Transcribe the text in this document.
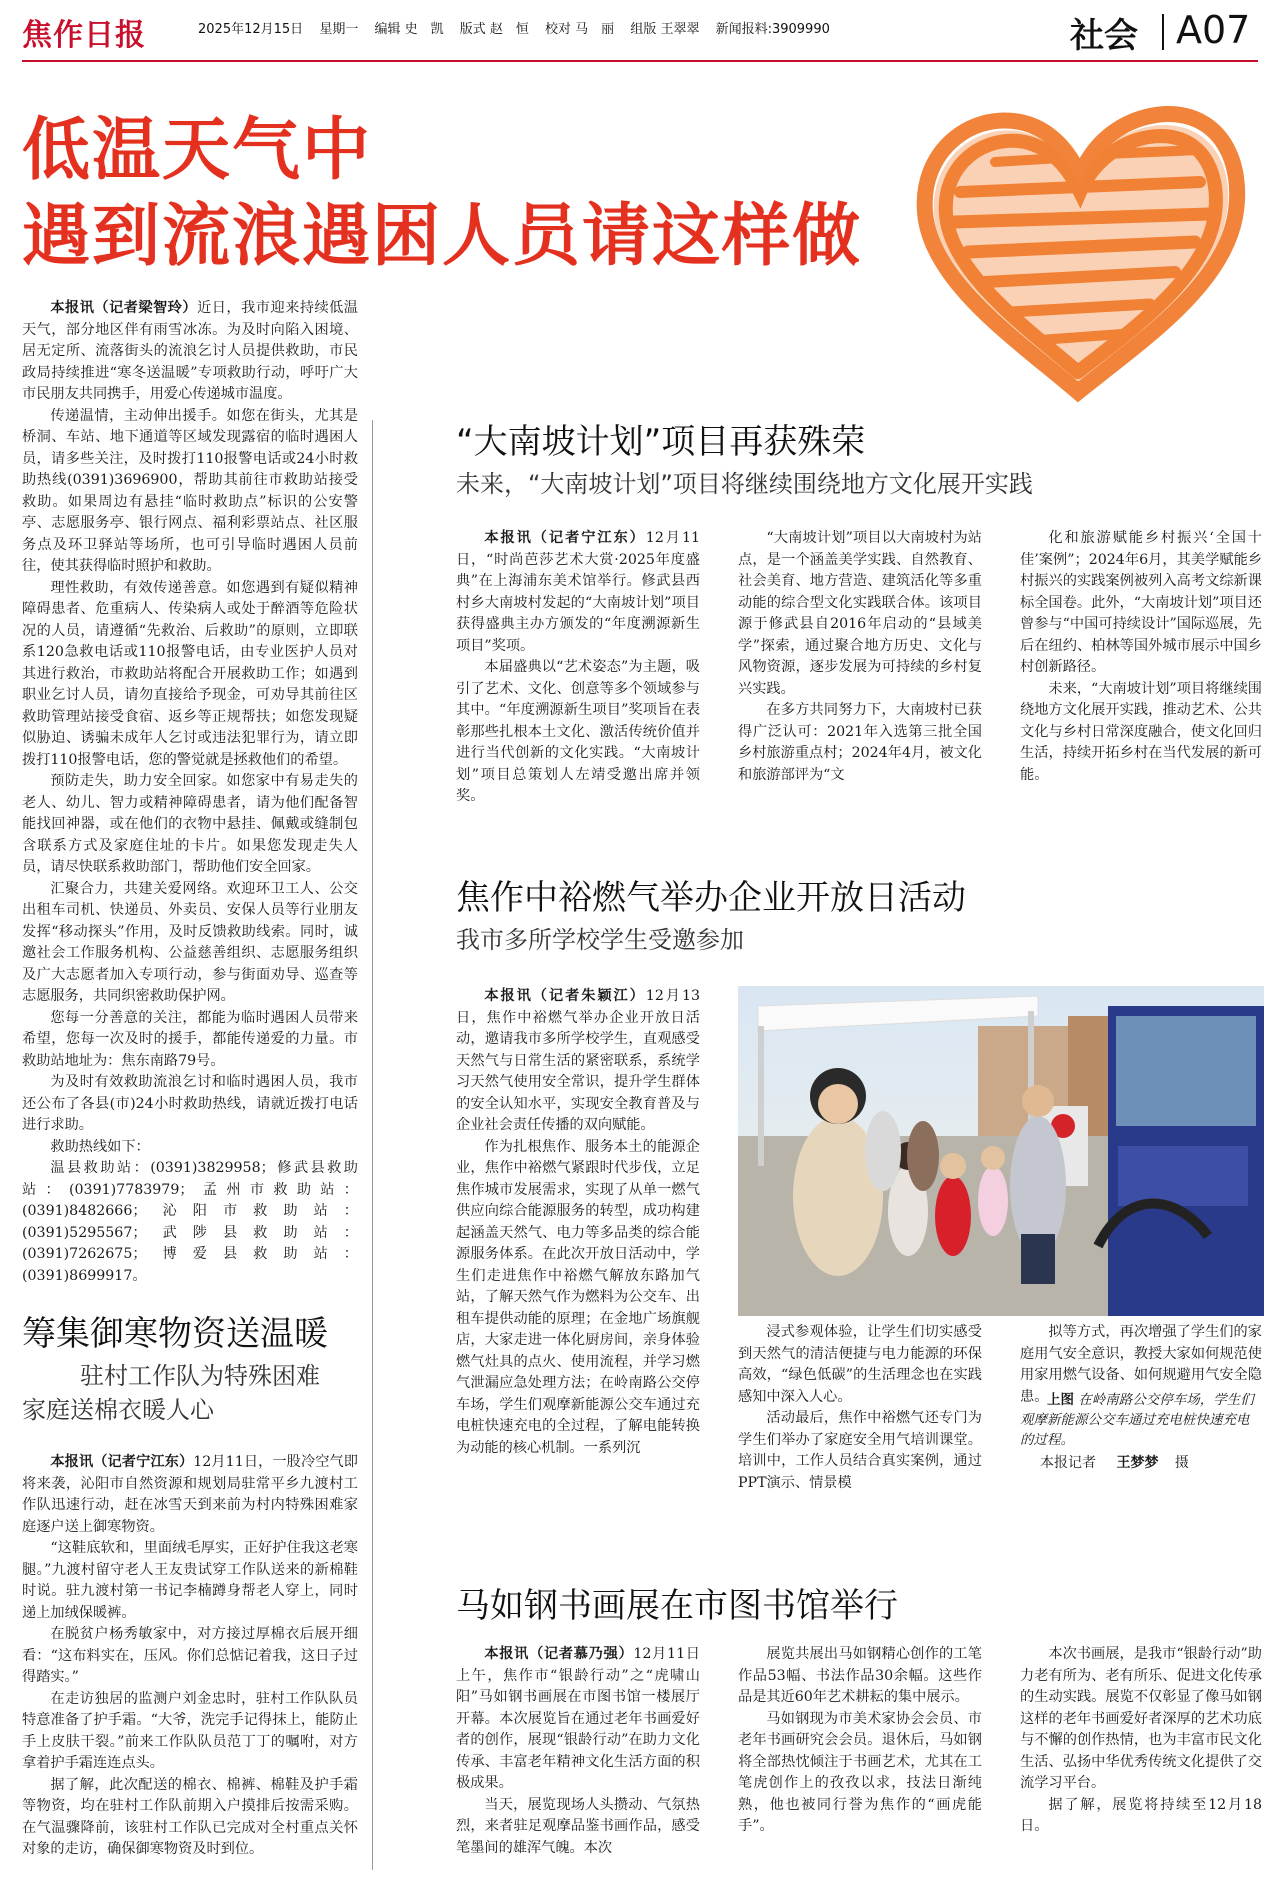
焦作日报	2025年12月15日 星期一 编辑 史　凯 版式 赵　恒 校对 马　丽 组版 王翠翠 新闻报料:3909990	社会 A07
低温天气中
遇到流浪遇困人员请这样做

本报讯（记者梁智玲）近日，我市迎来持续低温天气，部分地区伴有雨雪冰冻。为及时向陷入困境、居无定所、流落街头的流浪乞讨人员提供救助，市民政局持续推进“寒冬送温暖”专项救助行动，呼吁广大市民朋友共同携手，用爱心传递城市温度。

传递温情，主动伸出援手。如您在街头，尤其是桥洞、车站、地下通道等区域发现露宿的临时遇困人员，请多些关注，及时拨打110报警电话或24小时救助热线(0391)3696900，帮助其前往市救助站接受救助。如果周边有悬挂“临时救助点”标识的公安警亭、志愿服务亭、银行网点、福利彩票站点、社区服务点及环卫驿站等场所，也可引导临时遇困人员前往，使其获得临时照护和救助。

理性救助，有效传递善意。如您遇到有疑似精神障碍患者、危重病人、传染病人或处于醉酒等危险状况的人员，请遵循“先救治、后救助”的原则，立即联系120急救电话或110报警电话，由专业医护人员对其进行救治，市救助站将配合开展救助工作；如遇到职业乞讨人员，请勿直接给予现金，可劝导其前往区救助管理站接受食宿、返乡等正规帮扶；如您发现疑似胁迫、诱骗未成年人乞讨或违法犯罪行为，请立即拨打110报警电话，您的警觉就是拯救他们的希望。

预防走失，助力安全回家。如您家中有易走失的老人、幼儿、智力或精神障碍患者，请为他们配备智能找回神器，或在他们的衣物中悬挂、佩戴或缝制包含联系方式及家庭住址的卡片。如果您发现走失人员，请尽快联系救助部门，帮助他们安全回家。

汇聚合力，共建关爱网络。欢迎环卫工人、公交出租车司机、快递员、外卖员、安保人员等行业朋友发挥“移动探头”作用，及时反馈救助线索。同时，诚邀社会工作服务机构、公益慈善组织、志愿服务组织及广大志愿者加入专项行动，参与街面劝导、巡查等志愿服务，共同织密救助保护网。

您每一分善意的关注，都能为临时遇困人员带来希望，您每一次及时的援手，都能传递爱的力量。市救助站地址为：焦东南路79号。

为及时有效救助流浪乞讨和临时遇困人员，我市还公布了各县(市)24小时救助热线，请就近拨打电话进行求助。

救助热线如下：

温县救助站：(0391)3829958；修武县救助站：(0391)7783979；孟州市救助站：(0391)8482666；沁阳市救助站：(0391)5295567；武陟县救助站：(0391)7262675；博爱县救助站：(0391)8699917。

“大南坡计划”项目再获殊荣
未来，“大南坡计划”项目将继续围绕地方文化展开实践

本报讯（记者宁江东）12月11日，“时尚芭莎艺术大赏·2025年度盛典”在上海浦东美术馆举行。修武县西村乡大南坡村发起的“大南坡计划”项目获得盛典主办方颁发的“年度溯源新生项目”奖项。

本届盛典以“艺术姿态”为主题，吸引了艺术、文化、创意等多个领域参与其中。“年度溯源新生项目”奖项旨在表彰那些扎根本土文化、激活传统价值并进行当代创新的文化实践。“大南坡计划”项目总策划人左靖受邀出席并领奖。

“大南坡计划”项目以大南坡村为站点，是一个涵盖美学实践、自然教育、社会美育、地方营造、建筑活化等多重动能的综合型文化实践联合体。该项目源于修武县自2016年启动的“县域美学”探索，通过聚合地方历史、文化与风物资源，逐步发展为可持续的乡村复兴实践。

在多方共同努力下，大南坡村已获得广泛认可：2021年入选第三批全国乡村旅游重点村；2024年4月，被文化和旅游部评为“文

化和旅游赋能乡村振兴‘全国十佳’案例”；2024年6月，其美学赋能乡村振兴的实践案例被列入高考文综新课标全国卷。此外，“大南坡计划”项目还曾参与“中国可持续设计”国际巡展，先后在纽约、柏林等国外城市展示中国乡村创新路径。

未来，“大南坡计划”项目将继续围绕地方文化展开实践，推动艺术、公共文化与乡村日常深度融合，使文化回归生活，持续开拓乡村在当代发展的新可能。

焦作中裕燃气举办企业开放日活动
我市多所学校学生受邀参加

本报讯（记者朱颖江）12月13日，焦作中裕燃气举办企业开放日活动，邀请我市多所学校学生，直观感受天然气与日常生活的紧密联系，系统学习天然气使用安全常识，提升学生群体的安全认知水平，实现安全教育普及与企业社会责任传播的双向赋能。

作为扎根焦作、服务本土的能源企业，焦作中裕燃气紧跟时代步伐，立足焦作城市发展需求，实现了从单一燃气供应向综合能源服务的转型，成功构建起涵盖天然气、电力等多品类的综合能源服务体系。在此次开放日活动中，学生们走进焦作中裕燃气解放东路加气站，了解天然气作为燃料为公交车、出租车提供动能的原理；在金地广场旗舰店，大家走进一体化厨房间，亲身体验燃气灶具的点火、使用流程，并学习燃气泄漏应急处理方法；在岭南路公交停车场，学生们观摩新能源公交车通过充电桩快速充电的全过程，了解电能转换为动能的核心机制。一系列沉

浸式参观体验，让学生们切实感受到天然气的清洁便捷与电力能源的环保高效，“绿色低碳”的生活理念也在实践感知中深入人心。

活动最后，焦作中裕燃气还专门为学生们举办了家庭安全用气培训课堂。培训中，工作人员结合真实案例，通过PPT演示、情景模

拟等方式，再次增强了学生们的家庭用气安全意识，教授大家如何规范使用家用燃气设备、如何规避用气安全隐患。

上图 在岭南路公交停车场，学生们观摩新能源公交车通过充电桩快速充电的过程。
本报记者 王梦梦 摄
筹集御寒物资送温暖
驻村工作队为特殊困难
家庭送棉衣暖人心

本报讯（记者宁江东）12月11日，一股冷空气即将来袭，沁阳市自然资源和规划局驻常平乡九渡村工作队迅速行动，赶在冰雪天到来前为村内特殊困难家庭逐户送上御寒物资。

“这鞋底软和，里面绒毛厚实，正好护住我这老寒腿。”九渡村留守老人王友贵试穿工作队送来的新棉鞋时说。驻九渡村第一书记李楠蹲身帮老人穿上，同时递上加绒保暖裤。

在脱贫户杨秀敏家中，对方接过厚棉衣后展开细看：“这布料实在，压风。你们总惦记着我，这日子过得踏实。”

在走访独居的监测户刘金忠时，驻村工作队队员特意准备了护手霜。“大爷，洗完手记得抹上，能防止手上皮肤干裂。”前来工作队队员范丁丁的嘱咐，对方拿着护手霜连连点头。

据了解，此次配送的棉衣、棉裤、棉鞋及护手霜等物资，均在驻村工作队前期入户摸排后按需采购。在气温骤降前，该驻村工作队已完成对全村重点关怀对象的走访，确保御寒物资及时到位。

马如钢书画展在市图书馆举行

本报讯（记者慕乃强）12月11日上午，焦作市“银龄行动”之“虎啸山阳”马如钢书画展在市图书馆一楼展厅开幕。本次展览旨在通过老年书画爱好者的创作，展现“银龄行动”在助力文化传承、丰富老年精神文化生活方面的积极成果。

当天，展览现场人头攒动、气氛热烈，来者驻足观摩品鉴书画作品，感受笔墨间的雄浑气魄。本次

展览共展出马如钢精心创作的工笔作品53幅、书法作品30余幅。这些作品是其近60年艺术耕耘的集中展示。

马如钢现为市美术家协会会员、市老年书画研究会会员。退休后，马如钢将全部热忱倾注于书画艺术，尤其在工笔虎创作上的孜孜以求，技法日渐纯熟，他也被同行誉为焦作的“画虎能手”。

本次书画展，是我市“银龄行动”助力老有所为、老有所乐、促进文化传承的生动实践。展览不仅彰显了像马如钢这样的老年书画爱好者深厚的艺术功底与不懈的创作热情，也为丰富市民文化生活、弘扬中华优秀传统文化提供了交流学习平台。

据了解，展览将持续至12月18日。
